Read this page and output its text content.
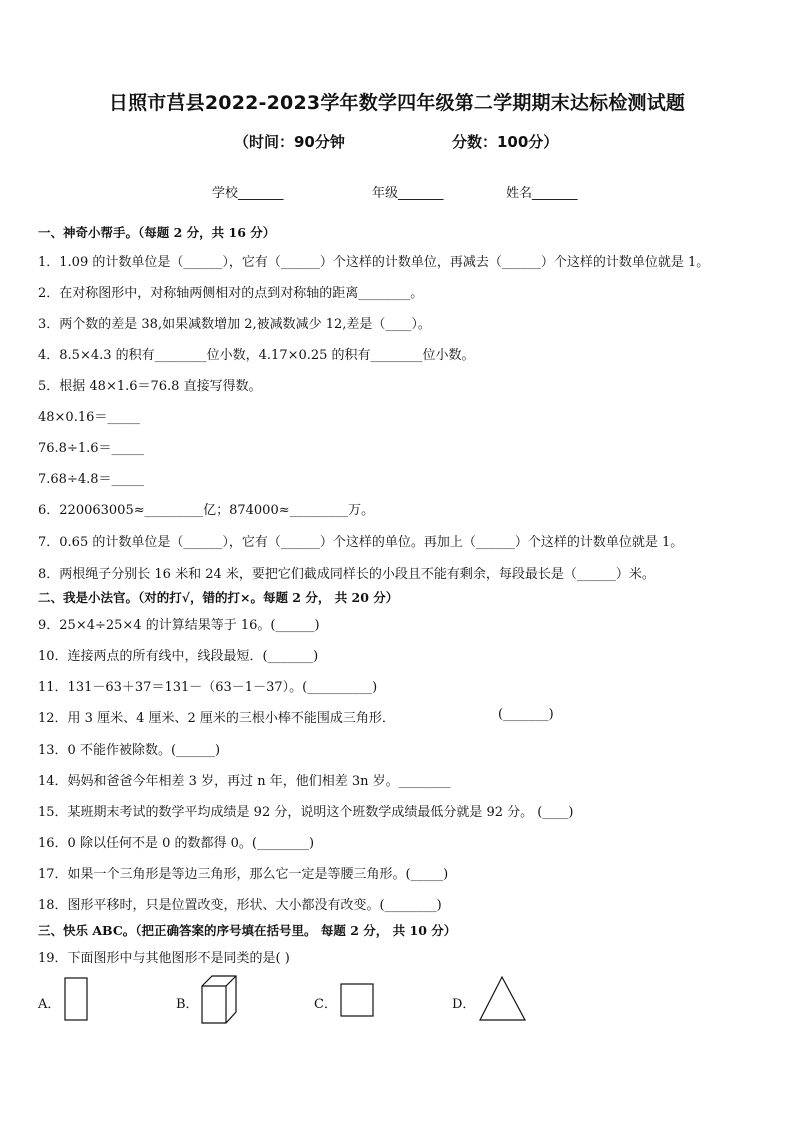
日照市莒县2022-2023学年数学四年级第二学期期末达标检测试题
（时间：90分钟	分数：100分）
学校_______	年级_______	姓名_______
一、神奇小帮手。（每题 2 分，共 16 分）
1．1.09 的计数单位是（______），它有（______）个这样的计数单位，再减去（______）个这样的计数单位就是 1。
2．在对称图形中，对称轴两侧相对的点到对称轴的距离________。
3．两个数的差是 38,如果减数增加 2,被减数减少 12,差是（____）。
4．8.5×4.3 的积有________位小数，4.17×0.25 的积有________位小数。
5．根据 48×1.6＝76.8 直接写得数。
48×0.16＝_____
76.8÷1.6＝_____
7.68÷4.8＝_____
6．220063005≈_________亿；874000≈_________万。
7．0.65 的计数单位是（______），它有（______）个这样的单位。再加上（______）个这样的计数单位就是 1。
8．两根绳子分别长 16 米和 24 米，要把它们截成同样长的小段且不能有剩余，每段最长是（______）米。
二、我是小法官。（对的打√，错的打×。每题 2 分， 共 20 分）
9．25×4÷25×4 的计算结果等于 16。(______)
10．连接两点的所有线中，线段最短．(_______)
11．131－63＋37＝131－（63－1－37）。(__________)
12．用 3 厘米、4 厘米、2 厘米的三根小棒不能围成三角形．	(_______)
13．0 不能作被除数。(______)
14．妈妈和爸爸今年相差 3 岁，再过 n 年，他们相差 3n 岁。________
15．某班期末考试的数学平均成绩是 92 分，说明这个班数学成绩最低分就是 92 分。 (____)
16．0 除以任何不是 0 的数都得 0。(________)
17．如果一个三角形是等边三角形，那么它一定是等腰三角形。(_____)
18．图形平移时，只是位置改变，形状、大小都没有改变。(________)
三、快乐 ABC。（把正确答案的序号填在括号里。 每题 2 分， 共 10 分）
19．下面图形中与其他图形不是同类的是( )
A．	B．	C．	D．
